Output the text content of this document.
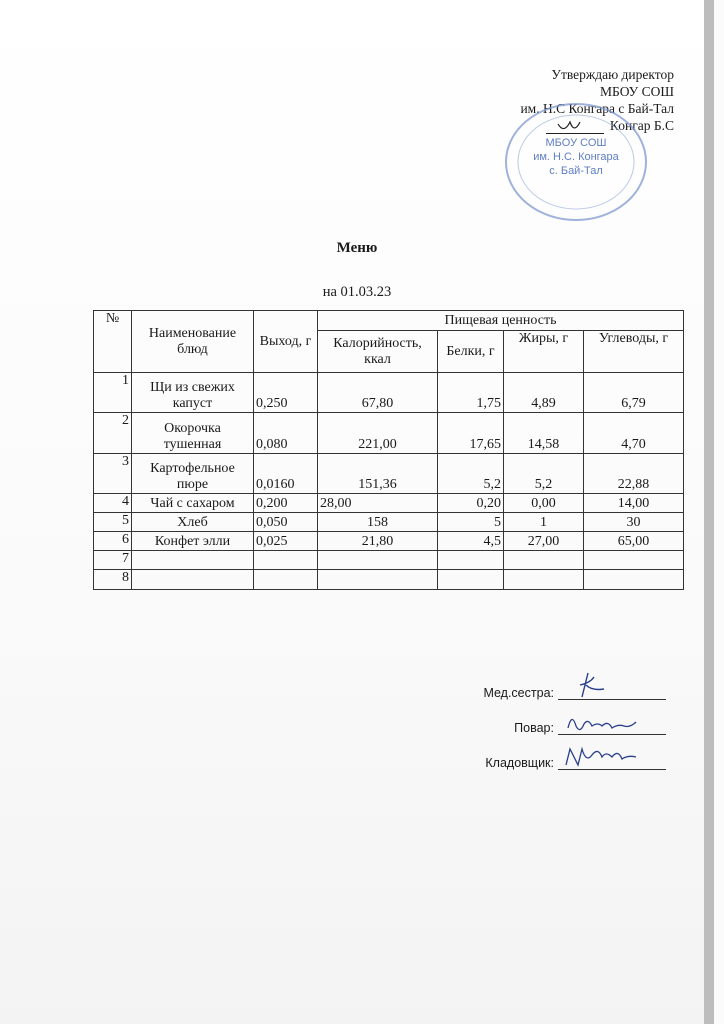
Утверждаю директор
МБОУ СОШ
им. Н.С Конгара с Бай-Тал
Конгар Б.С
МБОУ СОШ
им. Н.С. Конгара
с. Бай-Тал
Меню
на 01.03.23
№	Наименование блюд	Выход, г	Пищевая ценность			
			Калорийность, ккал	Белки, г	Жиры, г	Углеводы, г
1	Щи из свежих капуст	0,250	67,80	1,75	4,89	6,79
2	Окорочка тушенная	0,080	221,00	17,65	14,58	4,70
3	Картофельное пюре	0,0160	151,36	5,2	5,2	22,88
4	Чай с сахаром	0,200	28,00	0,20	0,00	14,00
5	Хлеб	0,050	158	5	1	30
6	Конфет элли	0,025	21,80	4,5	27,00	65,00
7						
8						
Мед.сестра:
Повар:
Кладовщик:
